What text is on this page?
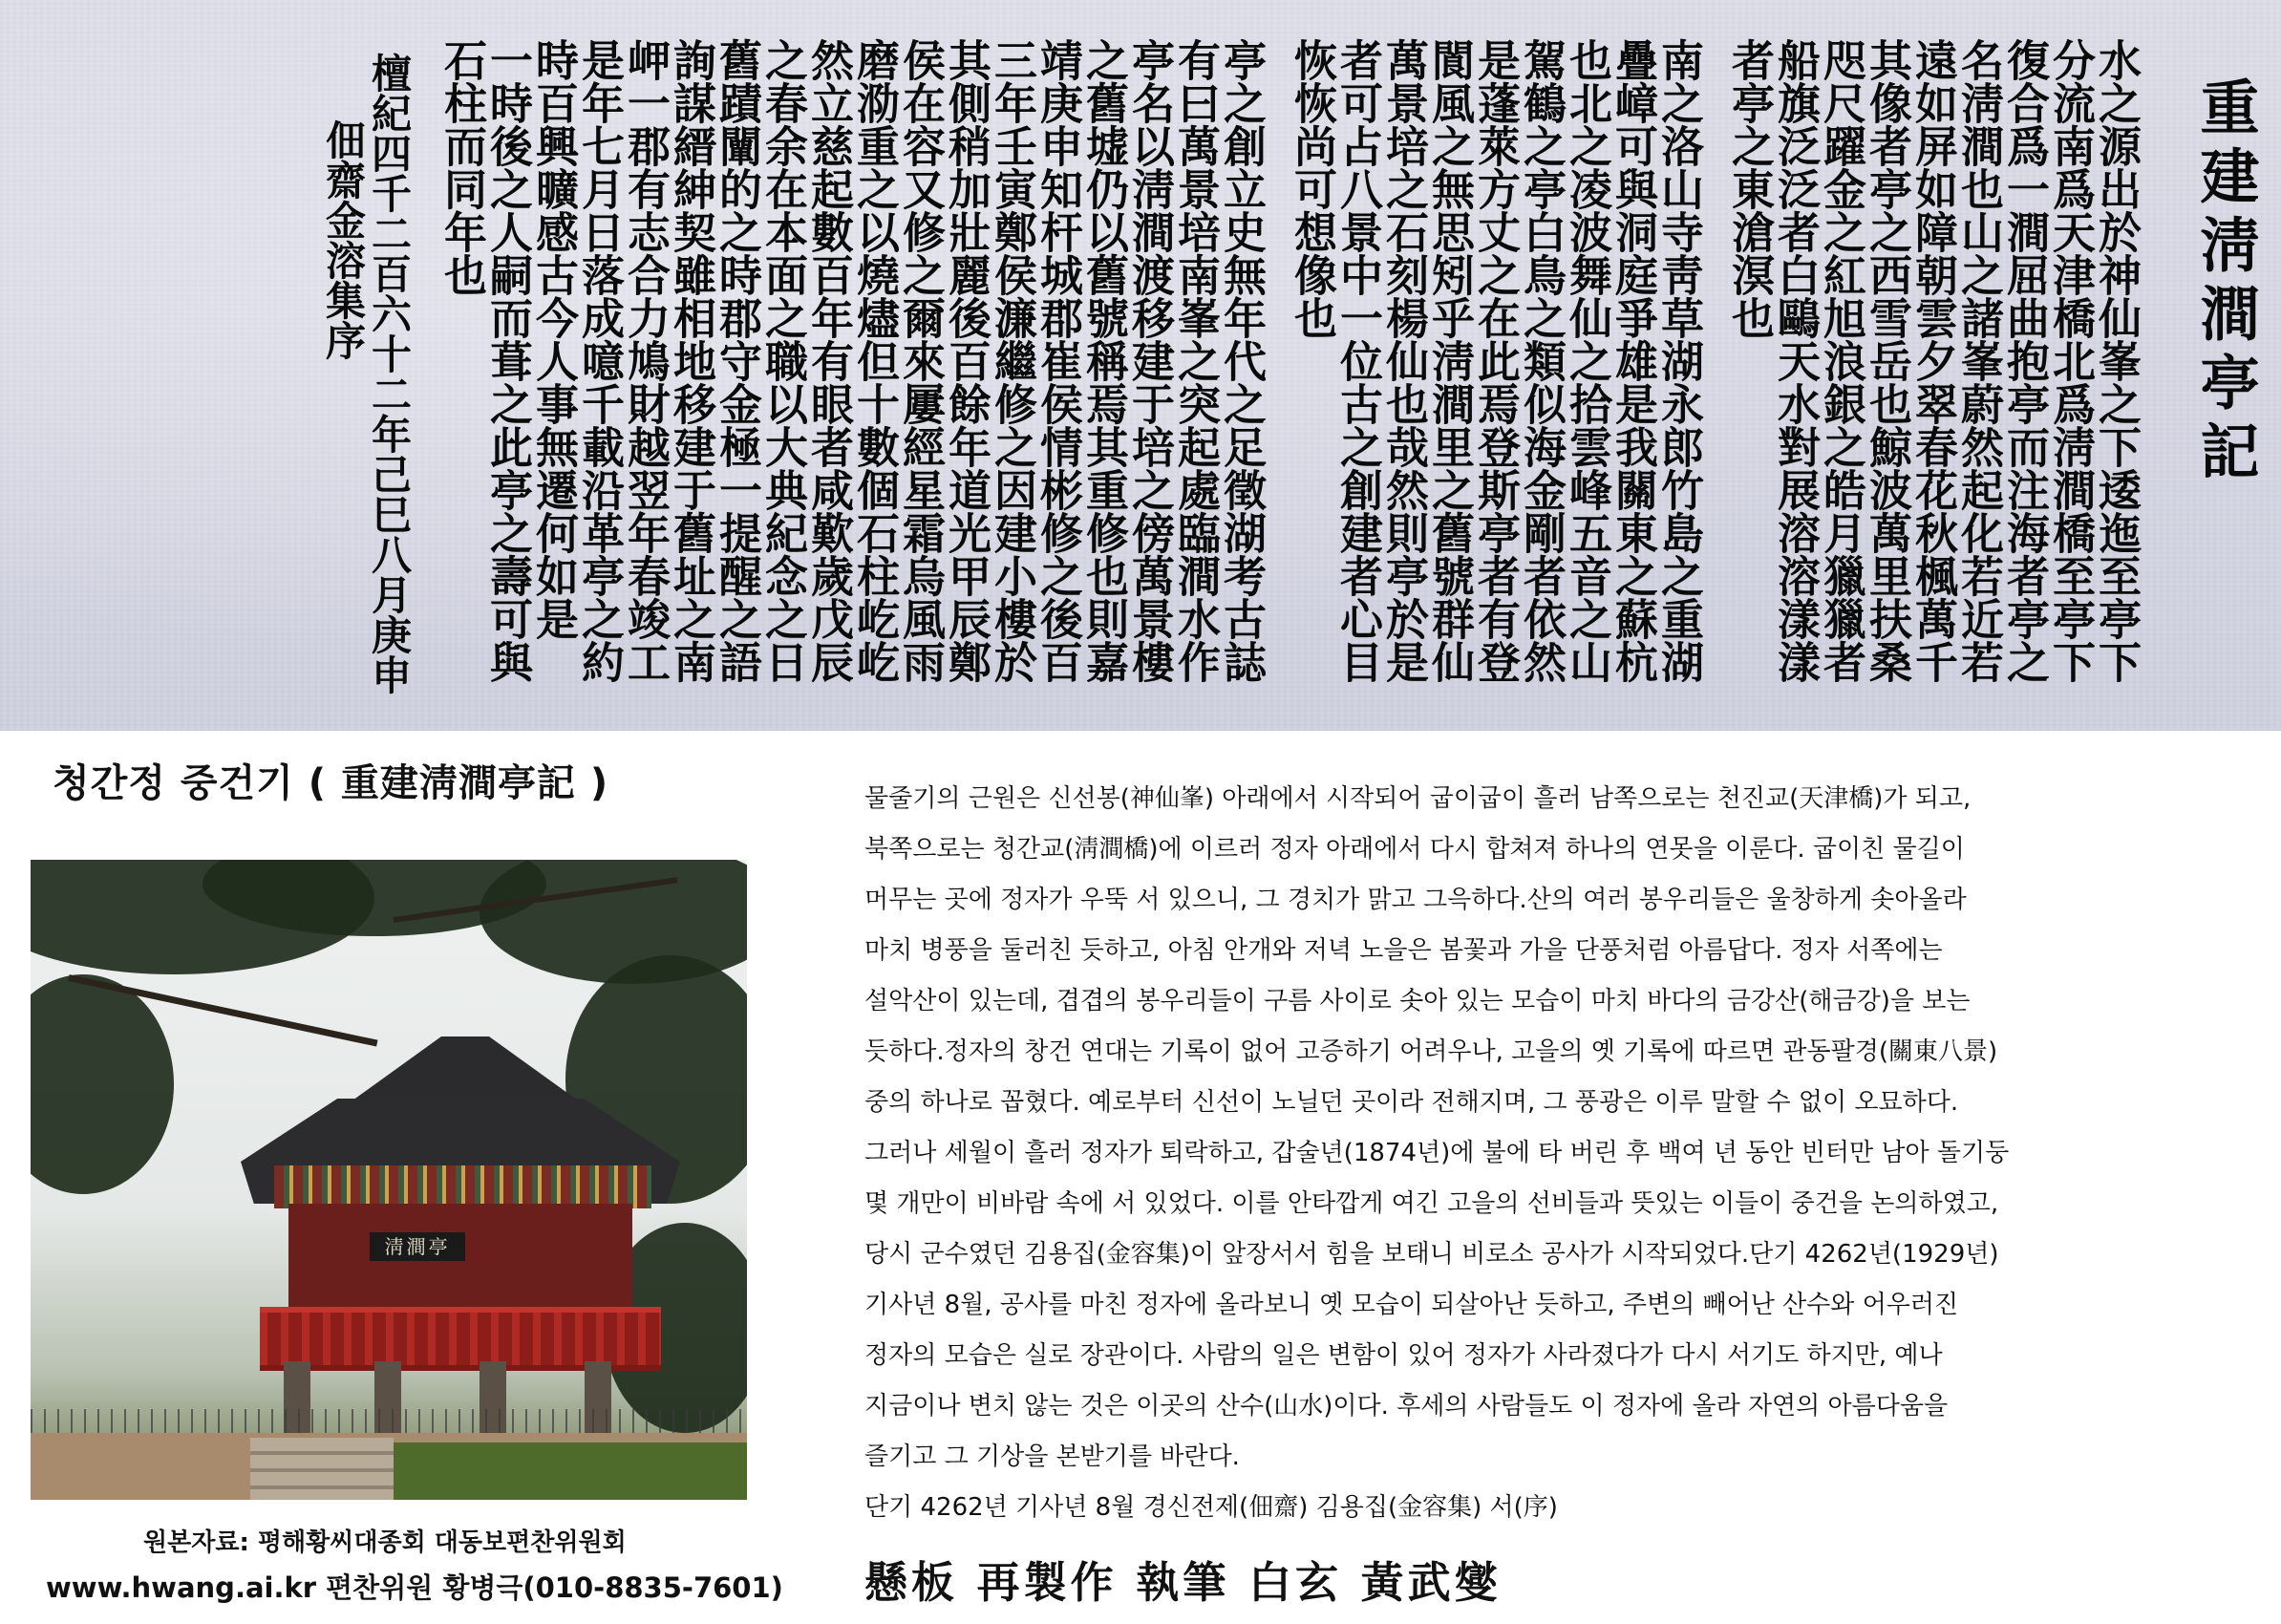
重建淸澗亭記
水之源出於神仙峯之下逶迤至亭下
分流南爲天津橋北爲淸澗橋至亭下
復合爲一澗屈曲抱亭而注海者亭之
名淸澗也山之諸峯蔚然起化若近若
遠如屏如障朝雲夕翠春花秋楓萬千
其像者亭之西雪岳也鯨波萬里扶桑
咫尺躍金之紅旭浪銀之皓月獵獵者
船旗泛泛者白鷗天水對展溶溶漾漾
者亭之東滄溟也
南之洛山寺靑草湖永郎竹島之重湖
疊嶂可與洞庭爭雄是我關東之蘇杭
也北之凌波舞仙之拾雲峰五音之山
駕鶴之亭白鳥之類似海金剛者依然
是蓬萊方丈之在此焉登斯亭者有登
閬風之無思矧乎淸澗里之舊號群仙
萬景培之石刻楊仙也哉然則亭於是
者可占八景中一位古之創建者心目
恢恢尚可想像也
亭之創立史無年代之足徵湖考古誌
有曰萬景培南峯之突起處臨澗水作
亭名以淸澗渡移建于培之傍萬景樓
之舊墟仍以舊號稱焉其重修也則嘉
靖庚申知杆城郡崔侯情彬修之後百
三年壬寅鄭侯濂繼修之因建小樓於
其側稍加壯麗後百餘年道光甲辰鄭
侯在容又修之爾來屢經星霜烏風雨
磨泐重之以燒燼但十數個石柱屹屹
然立慈起數百年有眼者咸歎歲戊辰
之春余在本面之職以大典紀念之日
舊蹟闡的之時郡守金極一提醒之語
詢謀縉紳契雖相地移建于舊址之南
岬一郡有志合力鳩財越翌年春竣工
是年七月日落成噫千載沿革亭之約
時百興曠感古今人事無遷何如是
一時後之人嗣而葺之此亭之壽可與
石柱而同年也
檀紀四千二百六十二年己巳八月庚申
佃齋金溶集序
청간정 중건기 ( 重建淸澗亭記 )
淸澗亭
원본자료: 평해황씨대종회 대동보편찬위원회
www.hwang.ai.kr 편찬위원 황병극(010-8835-7601)
물줄기의 근원은 신선봉(神仙峯) 아래에서 시작되어 굽이굽이 흘러 남쪽으로는 천진교(天津橋)가 되고,
북쪽으로는 청간교(淸澗橋)에 이르러 정자 아래에서 다시 합쳐져 하나의 연못을 이룬다. 굽이친 물길이
머무는 곳에 정자가 우뚝 서 있으니, 그 경치가 맑고 그윽하다.산의 여러 봉우리들은 울창하게 솟아올라
마치 병풍을 둘러친 듯하고, 아침 안개와 저녁 노을은 봄꽃과 가을 단풍처럼 아름답다. 정자 서쪽에는
설악산이 있는데, 겹겹의 봉우리들이 구름 사이로 솟아 있는 모습이 마치 바다의 금강산(해금강)을 보는
듯하다.정자의 창건 연대는 기록이 없어 고증하기 어려우나, 고을의 옛 기록에 따르면 관동팔경(關東八景)
중의 하나로 꼽혔다. 예로부터 신선이 노닐던 곳이라 전해지며, 그 풍광은 이루 말할 수 없이 오묘하다.
그러나 세월이 흘러 정자가 퇴락하고, 갑술년(1874년)에 불에 타 버린 후 백여 년 동안 빈터만 남아 돌기둥
몇 개만이 비바람 속에 서 있었다. 이를 안타깝게 여긴 고을의 선비들과 뜻있는 이들이 중건을 논의하였고,
당시 군수였던 김용집(金容集)이 앞장서서 힘을 보태니 비로소 공사가 시작되었다.단기 4262년(1929년)
기사년 8월, 공사를 마친 정자에 올라보니 옛 모습이 되살아난 듯하고, 주변의 빼어난 산수와 어우러진
정자의 모습은 실로 장관이다. 사람의 일은 변함이 있어 정자가 사라졌다가 다시 서기도 하지만, 예나
지금이나 변치 않는 것은 이곳의 산수(山水)이다. 후세의 사람들도 이 정자에 올라 자연의 아름다움을
즐기고 그 기상을 본받기를 바란다.
단기 4262년 기사년 8월 경신전제(佃齋) 김용집(金容集) 서(序)
懸板 再製作 執筆 白玄 黃武燮
